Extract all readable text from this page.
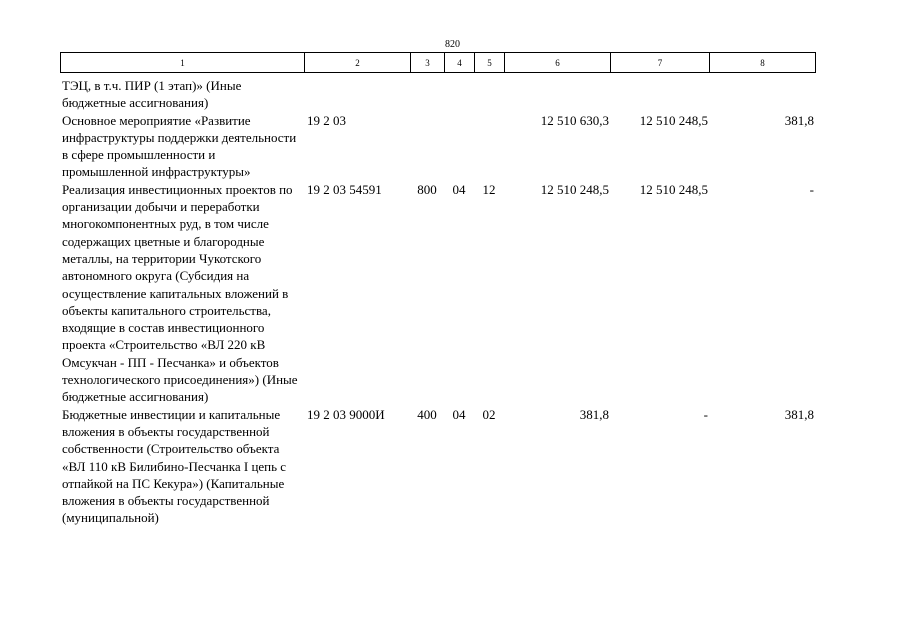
820
1	2	3	4	5	6	7	8
ТЭЦ, в т.ч. ПИР (1 этап)» (Иные бюджетные ассигнования)							
Основное мероприятие «Развитие инфраструктуры поддержки деятельности в сфере промышленности и промышленной инфраструктуры»	19 2 03				12 510 630,3	12 510 248,5	381,8
Реализация инвестиционных проектов по организации добычи и переработки многокомпонентных руд, в том числе содержащих цветные и благородные металлы, на территории Чукотского автономного округа (Субсидия на осуществление капитальных вложений в объекты капитального строительства, входящие в состав инвестиционного проекта «Строительство «ВЛ 220 кВ Омсукчан - ПП - Песчанка» и объектов технологического присоединения») (Иные бюджетные ассигнования)	19 2 03 54591	800	04	12	12 510 248,5	12 510 248,5	-
Бюджетные инвестиции и капитальные вложения в объекты государственной собственности (Строительство объекта «ВЛ 110 кВ Билибино-Песчанка I цепь с отпайкой на ПС Кекура») (Капитальные вложения в объекты государственной (муниципальной)	19 2 03 9000И	400	04	02	381,8	-	381,8
